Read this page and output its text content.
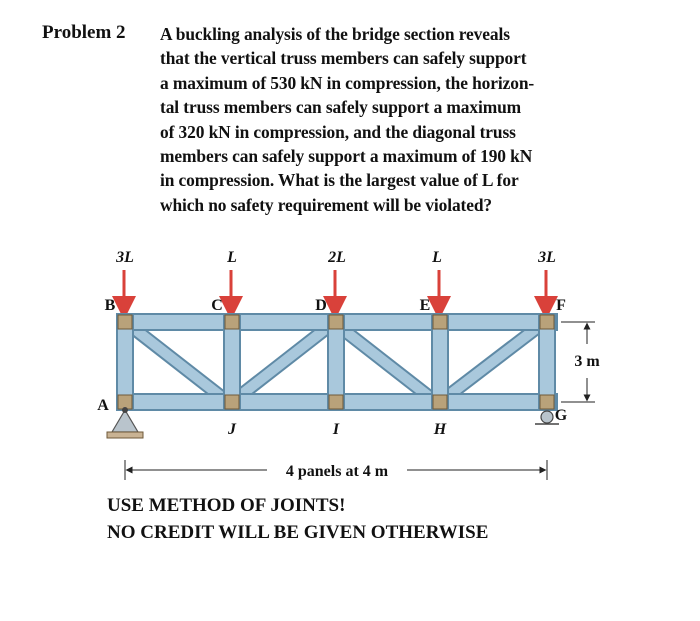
Problem 2 A buckling analysis of the bridge section reveals
that the vertical truss members can safely support
a maximum of 530 kN in compression, the horizon-
tal truss members can safely support a maximum
of 320 kN in compression, and the diagonal truss
members can safely support a maximum of 190 kN
in compression. What is the largest value of L for
which no safety requirement will be violated?
3L	L	2L	L	3L
B	C	D	E	F
A
J	I	H
G
3 m
4 panels at 4 m
USE METHOD OF JOINTS!
NO CREDIT WILL BE GIVEN OTHERWISE
